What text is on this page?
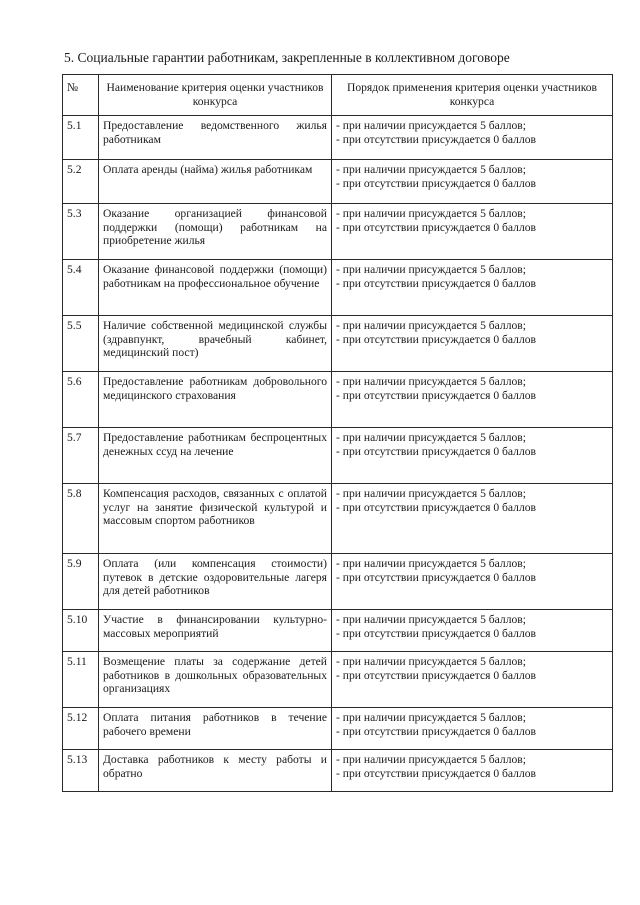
5. Социальные гарантии работникам, закрепленные в коллективном договоре
№	Наименование критерия оценки участников конкурса	Порядок применения критерия оценки участников конкурса
5.1	Предоставление ведомственного жилья работникам	- при наличии присуждается 5 баллов;
- при отсутствии присуждается 0 баллов

5.2	Оплата аренды (найма) жилья работникам	- при наличии присуждается 5 баллов;
- при отсутствии присуждается 0 баллов

5.3	Оказание организацией финансовой поддержки (помощи) работникам на приобретение жилья	- при наличии присуждается 5 баллов;
- при отсутствии присуждается 0 баллов

5.4	Оказание финансовой поддержки (помощи) работникам на профессиональное обучение	- при наличии присуждается 5 баллов;
- при отсутствии присуждается 0 баллов

5.5	Наличие собственной медицинской службы (здравпункт, врачебный кабинет, медицинский пост)	- при наличии присуждается 5 баллов;
- при отсутствии присуждается 0 баллов

5.6	Предоставление работникам добровольного медицинского страхования	- при наличии присуждается 5 баллов;
- при отсутствии присуждается 0 баллов

5.7	Предоставление работникам беспроцентных денежных ссуд на лечение	- при наличии присуждается 5 баллов;
- при отсутствии присуждается 0 баллов

5.8	Компенсация расходов, связанных с оплатой услуг на занятие физической культурой и массовым спортом работников	- при наличии присуждается 5 баллов;
- при отсутствии присуждается 0 баллов

5.9	Оплата (или компенсация стоимости) путевок в детские оздоровительные лагеря для детей работников	- при наличии присуждается 5 баллов;
- при отсутствии присуждается 0 баллов

5.10	Участие в финансировании культурно-массовых мероприятий	- при наличии присуждается 5 баллов;
- при отсутствии присуждается 0 баллов

5.11	Возмещение платы за содержание детей работников в дошкольных образовательных организациях	- при наличии присуждается 5 баллов;
- при отсутствии присуждается 0 баллов

5.12	Оплата питания работников в течение рабочего времени	- при наличии присуждается 5 баллов;
- при отсутствии присуждается 0 баллов

5.13	Доставка работников к месту работы и обратно	- при наличии присуждается 5 баллов;
- при отсутствии присуждается 0 баллов
